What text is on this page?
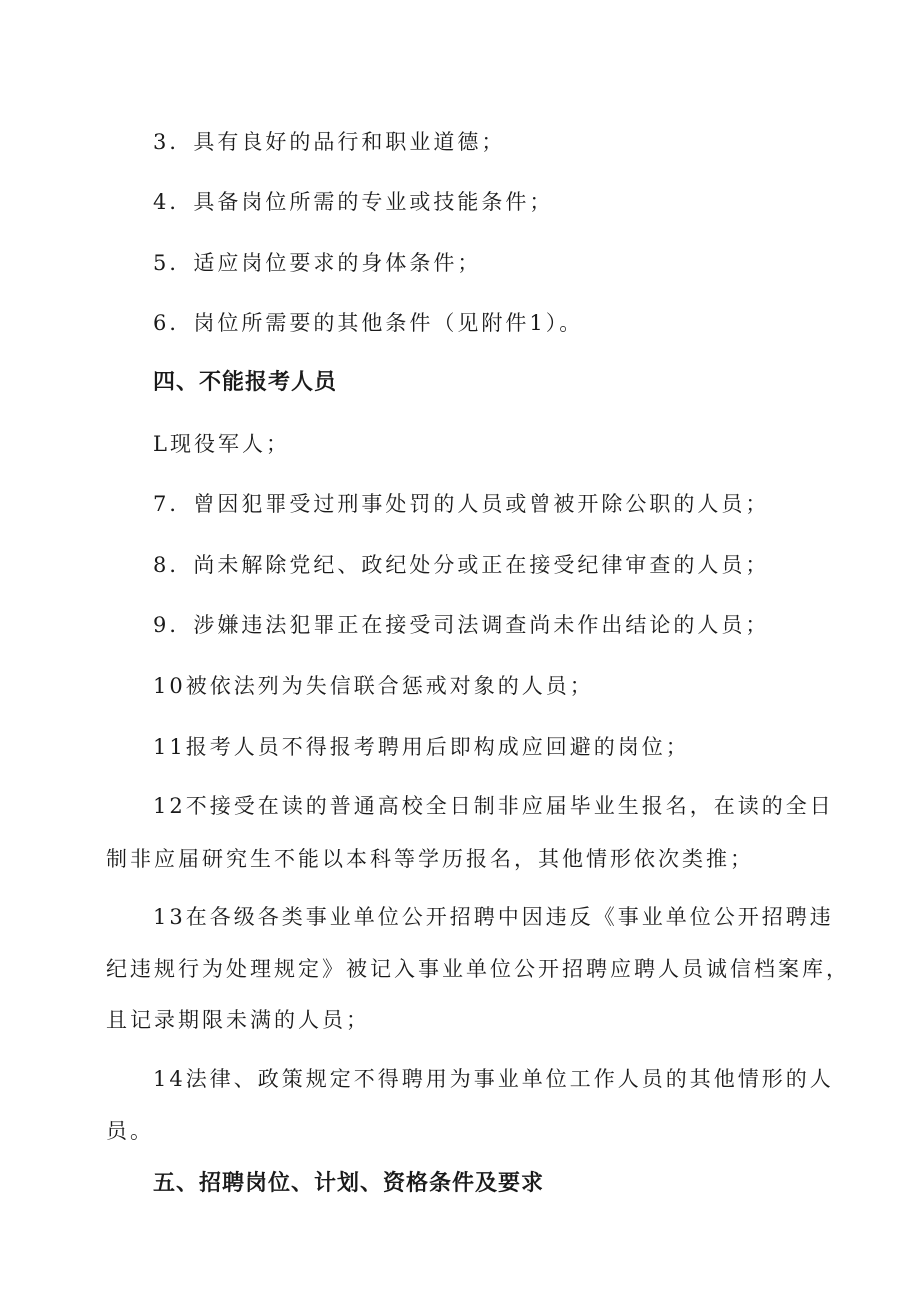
3．具有良好的品行和职业道德；
4．具备岗位所需的专业或技能条件；
5．适应岗位要求的身体条件；
6．岗位所需要的其他条件（见附件1）。
四、不能报考人员
L现役军人；
7．曾因犯罪受过刑事处罚的人员或曾被开除公职的人员；
8．尚未解除党纪、政纪处分或正在接受纪律审查的人员；
9．涉嫌违法犯罪正在接受司法调查尚未作出结论的人员；
10被依法列为失信联合惩戒对象的人员；
11报考人员不得报考聘用后即构成应回避的岗位；
12不接受在读的普通高校全日制非应届毕业生报名，在读的全日
制非应届研究生不能以本科等学历报名，其他情形依次类推；
13在各级各类事业单位公开招聘中因违反《事业单位公开招聘违
纪违规行为处理规定》被记入事业单位公开招聘应聘人员诚信档案库，
且记录期限未满的人员；
14法律、政策规定不得聘用为事业单位工作人员的其他情形的人
员。
五、招聘岗位、计划、资格条件及要求
